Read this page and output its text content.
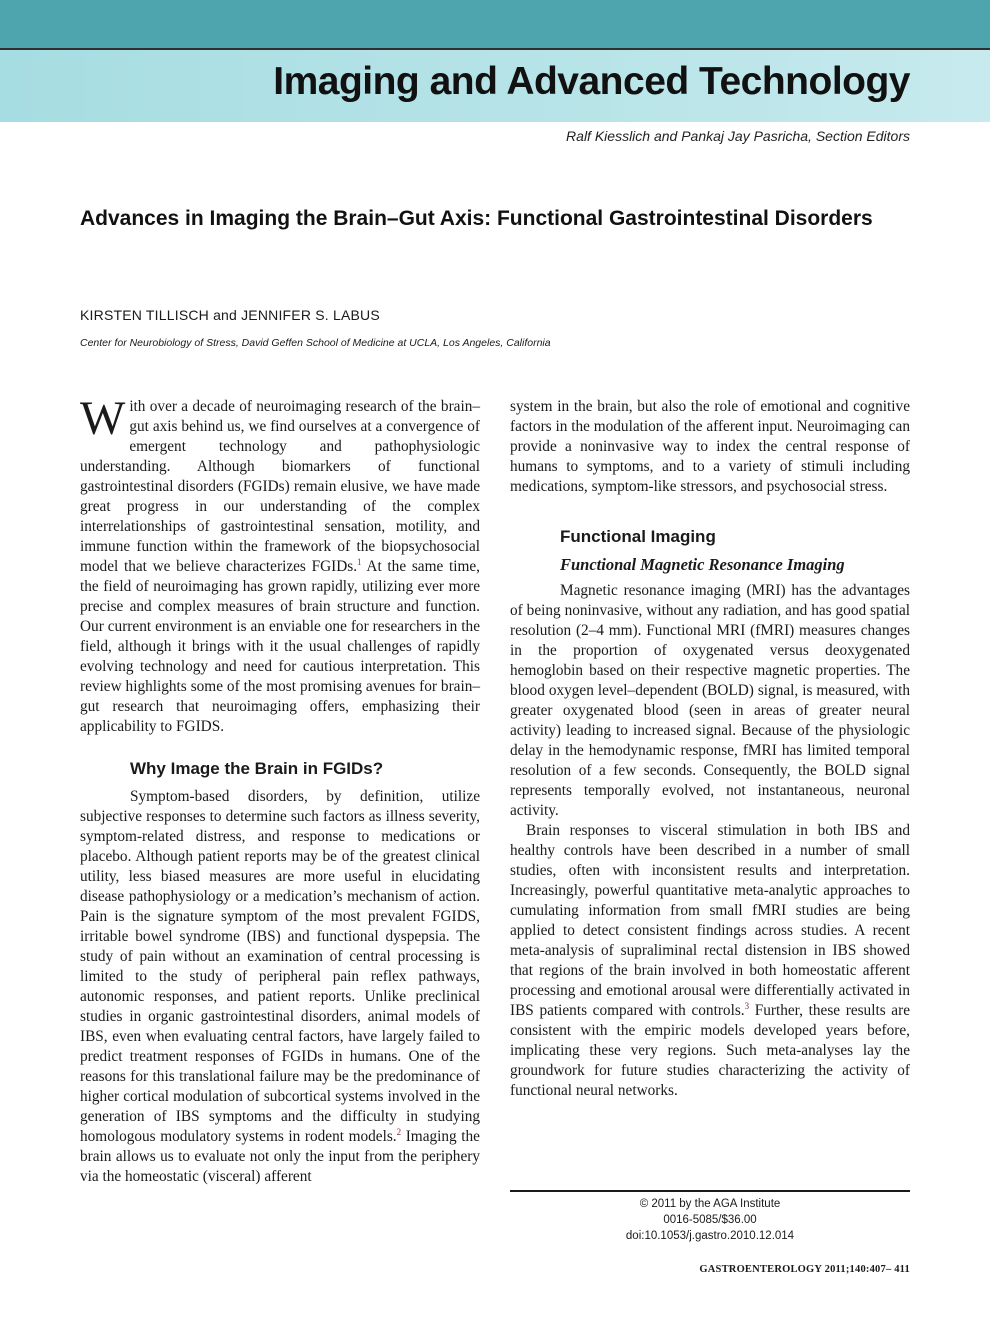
Imaging and Advanced Technology
Ralf Kiesslich and Pankaj Jay Pasricha, Section Editors
Advances in Imaging the Brain–Gut Axis: Functional Gastrointestinal Disorders
KIRSTEN TILLISCH and JENNIFER S. LABUS
Center for Neurobiology of Stress, David Geffen School of Medicine at UCLA, Los Angeles, California

With over a decade of neuroimaging research of the brain–gut axis behind us, we find ourselves at a convergence of emergent technology and pathophysiologic understanding. Although biomarkers of functional gastrointestinal disorders (FGIDs) remain elusive, we have made great progress in our understanding of the complex interrelationships of gastrointestinal sensation, motility, and immune function within the framework of the biopsychosocial model that we believe characterizes FGIDs.$^1$ At the same time, the field of neuroimaging has grown rapidly, utilizing ever more precise and complex measures of brain structure and function. Our current environment is an enviable one for researchers in the field, although it brings with it the usual challenges of rapidly evolving technology and need for cautious interpretation. This review highlights some of the most promising avenues for brain–gut research that neuroimaging offers, emphasizing their applicability to FGIDS.

Why Image the Brain in FGIDs?

Symptom-based disorders, by definition, utilize subjective responses to determine such factors as illness severity, symptom-related distress, and response to medications or placebo. Although patient reports may be of the greatest clinical utility, less biased measures are more useful in elucidating disease pathophysiology or a medication’s mechanism of action. Pain is the signature symptom of the most prevalent FGIDS, irritable bowel syndrome (IBS) and functional dyspepsia. The study of pain without an examination of central processing is limited to the study of peripheral pain reflex pathways, autonomic responses, and patient reports. Unlike preclinical studies in organic gastrointestinal disorders, animal models of IBS, even when evaluating central factors, have largely failed to predict treatment responses of FGIDs in humans. One of the reasons for this translational failure may be the predominance of higher cortical modulation of subcortical systems involved in the generation of IBS symptoms and the difficulty in studying homologous modulatory systems in rodent models.$^2$ Imaging the brain allows us to evaluate not only the input from the periphery via the homeostatic (visceral) afferent

system in the brain, but also the role of emotional and cognitive factors in the modulation of the afferent input. Neuroimaging can provide a noninvasive way to index the central response of humans to symptoms, and to a variety of stimuli including medications, symptom-like stressors, and psychosocial stress.

Functional Imaging
Functional Magnetic Resonance Imaging

Magnetic resonance imaging (MRI) has the advantages of being noninvasive, without any radiation, and has good spatial resolution (2–4 mm). Functional MRI (fMRI) measures changes in the proportion of oxygenated versus deoxygenated hemoglobin based on their respective magnetic properties. The blood oxygen level–dependent (BOLD) signal, is measured, with greater oxygenated blood (seen in areas of greater neural activity) leading to increased signal. Because of the physiologic delay in the hemodynamic response, fMRI has limited temporal resolution of a few seconds. Consequently, the BOLD signal represents temporally evolved, not instantaneous, neuronal activity.

Brain responses to visceral stimulation in both IBS and healthy controls have been described in a number of small studies, often with inconsistent results and interpretation. Increasingly, powerful quantitative meta-analytic approaches to cumulating information from small fMRI studies are being applied to detect consistent findings across studies. A recent meta-analysis of supraliminal rectal distension in IBS showed that regions of the brain involved in both homeostatic afferent processing and emotional arousal were differentially activated in IBS patients compared with controls.$^3$ Further, these results are consistent with the empiric models developed years before, implicating these very regions. Such meta-analyses lay the groundwork for future studies characterizing the activity of functional neural networks.

© 2011 by the AGA Institute
0016-5085/$36.00
doi:10.1053/j.gastro.2010.12.014
GASTROENTEROLOGY 2011;140:407– 411
